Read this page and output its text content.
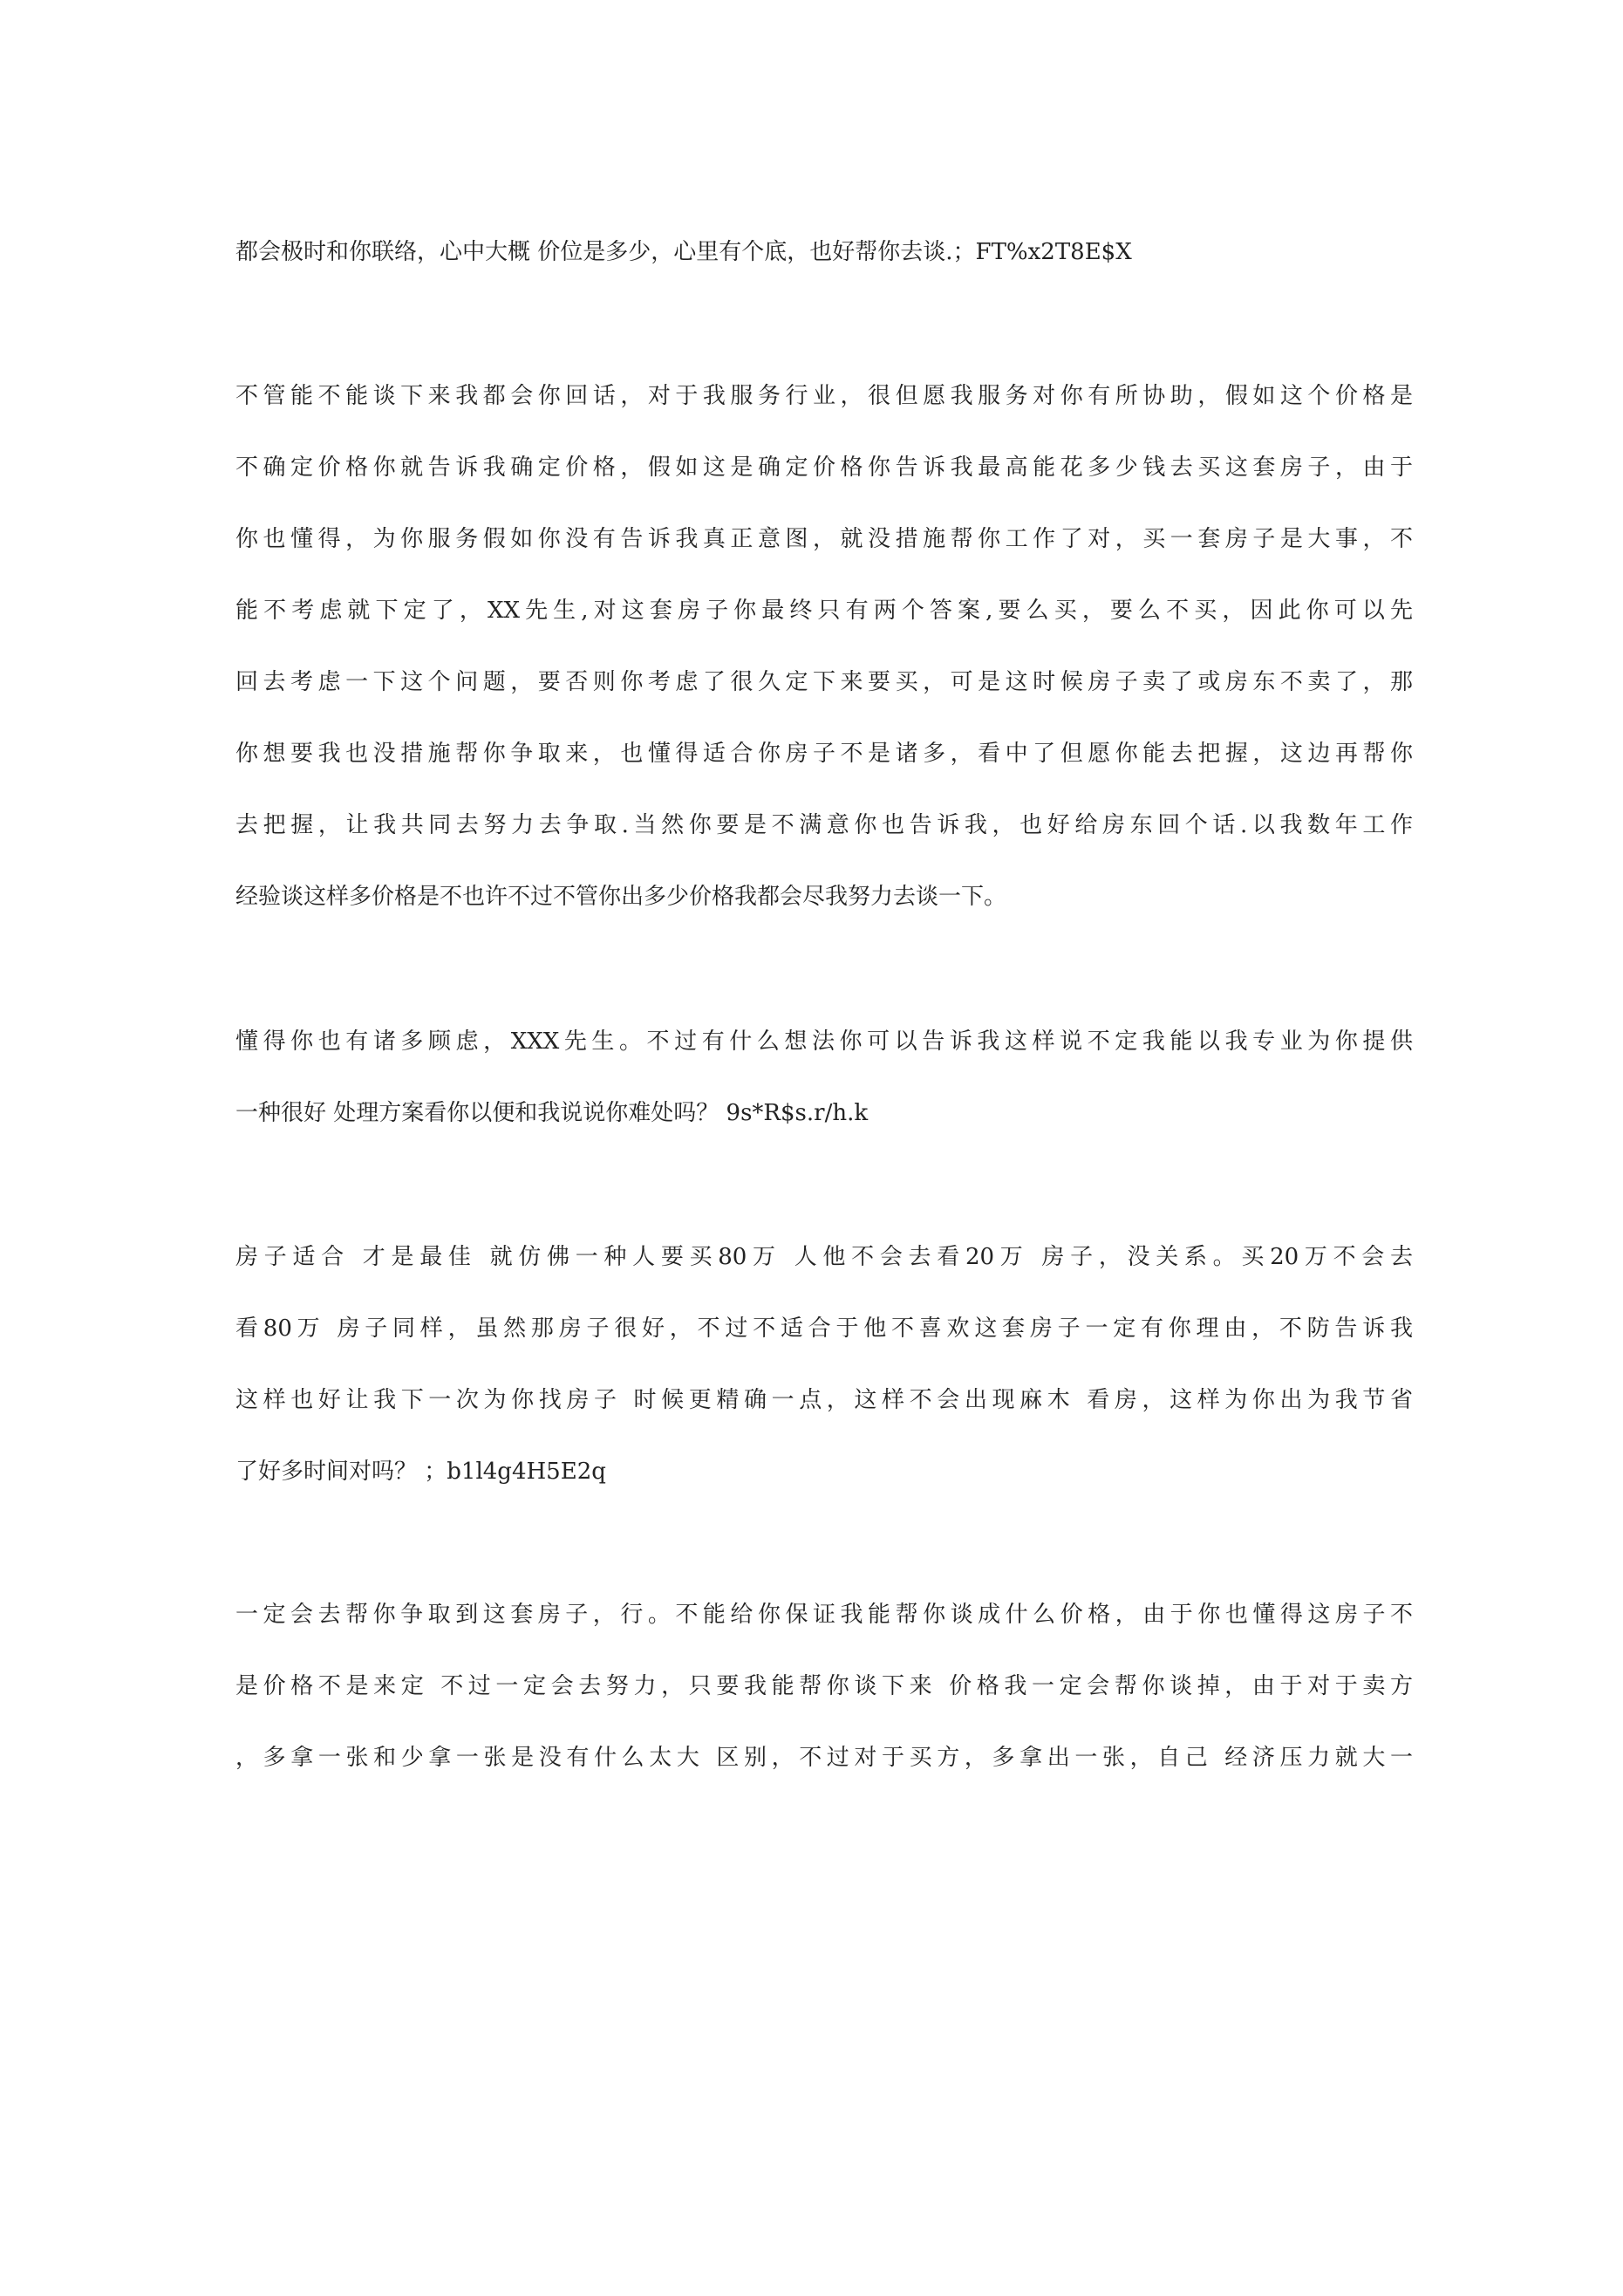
都会极时和你联络，心中大概 价位是多少，心里有个底，也好帮你去谈.；FT%x2T8E$X
不管能不能谈下来我都会你回话，对于我服务行业，很但愿我服务对你有所协助，假如这个价格是
不确定价格你就告诉我确定价格，假如这是确定价格你告诉我最高能花多少钱去买这套房子，由于
你也懂得，为你服务假如你没有告诉我真正意图，就没措施帮你工作了对，买一套房子是大事，不
能不考虑就下定了，XX先生,对这套房子你最终只有两个答案,要么买，要么不买，因此你可以先
回去考虑一下这个问题，要否则你考虑了很久定下来要买，可是这时候房子卖了或房东不卖了，那
你想要我也没措施帮你争取来，也懂得适合你房子不是诸多，看中了但愿你能去把握，这边再帮你
去把握，让我共同去努力去争取.当然你要是不满意你也告诉我，也好给房东回个话.以我数年工作
经验谈这样多价格是不也许不过不管你出多少价格我都会尽我努力去谈一下。
懂得你也有诸多顾虑，XXX先生。不过有什么想法你可以告诉我这样说不定我能以我专业为你提供
一种很好 处理方案看你以便和我说说你难处吗？ 9s*R$s.r/h.k
房子适合 才是最佳 就仿佛一种人要买80万 人他不会去看20万 房子，没关系。买20万不会去
看80万 房子同样，虽然那房子很好，不过不适合于他不喜欢这套房子一定有你理由，不防告诉我
这样也好让我下一次为你找房子 时候更精确一点，这样不会出现麻木 看房，这样为你出为我节省
了好多时间对吗？ ；b1l4g4H5E2q
一定会去帮你争取到这套房子，行。不能给你保证我能帮你谈成什么价格，由于你也懂得这房子不
是价格不是来定 不过一定会去努力，只要我能帮你谈下来 价格我一定会帮你谈掉，由于对于卖方
，多拿一张和少拿一张是没有什么太大 区别，不过对于买方，多拿出一张，自己 经济压力就大一
